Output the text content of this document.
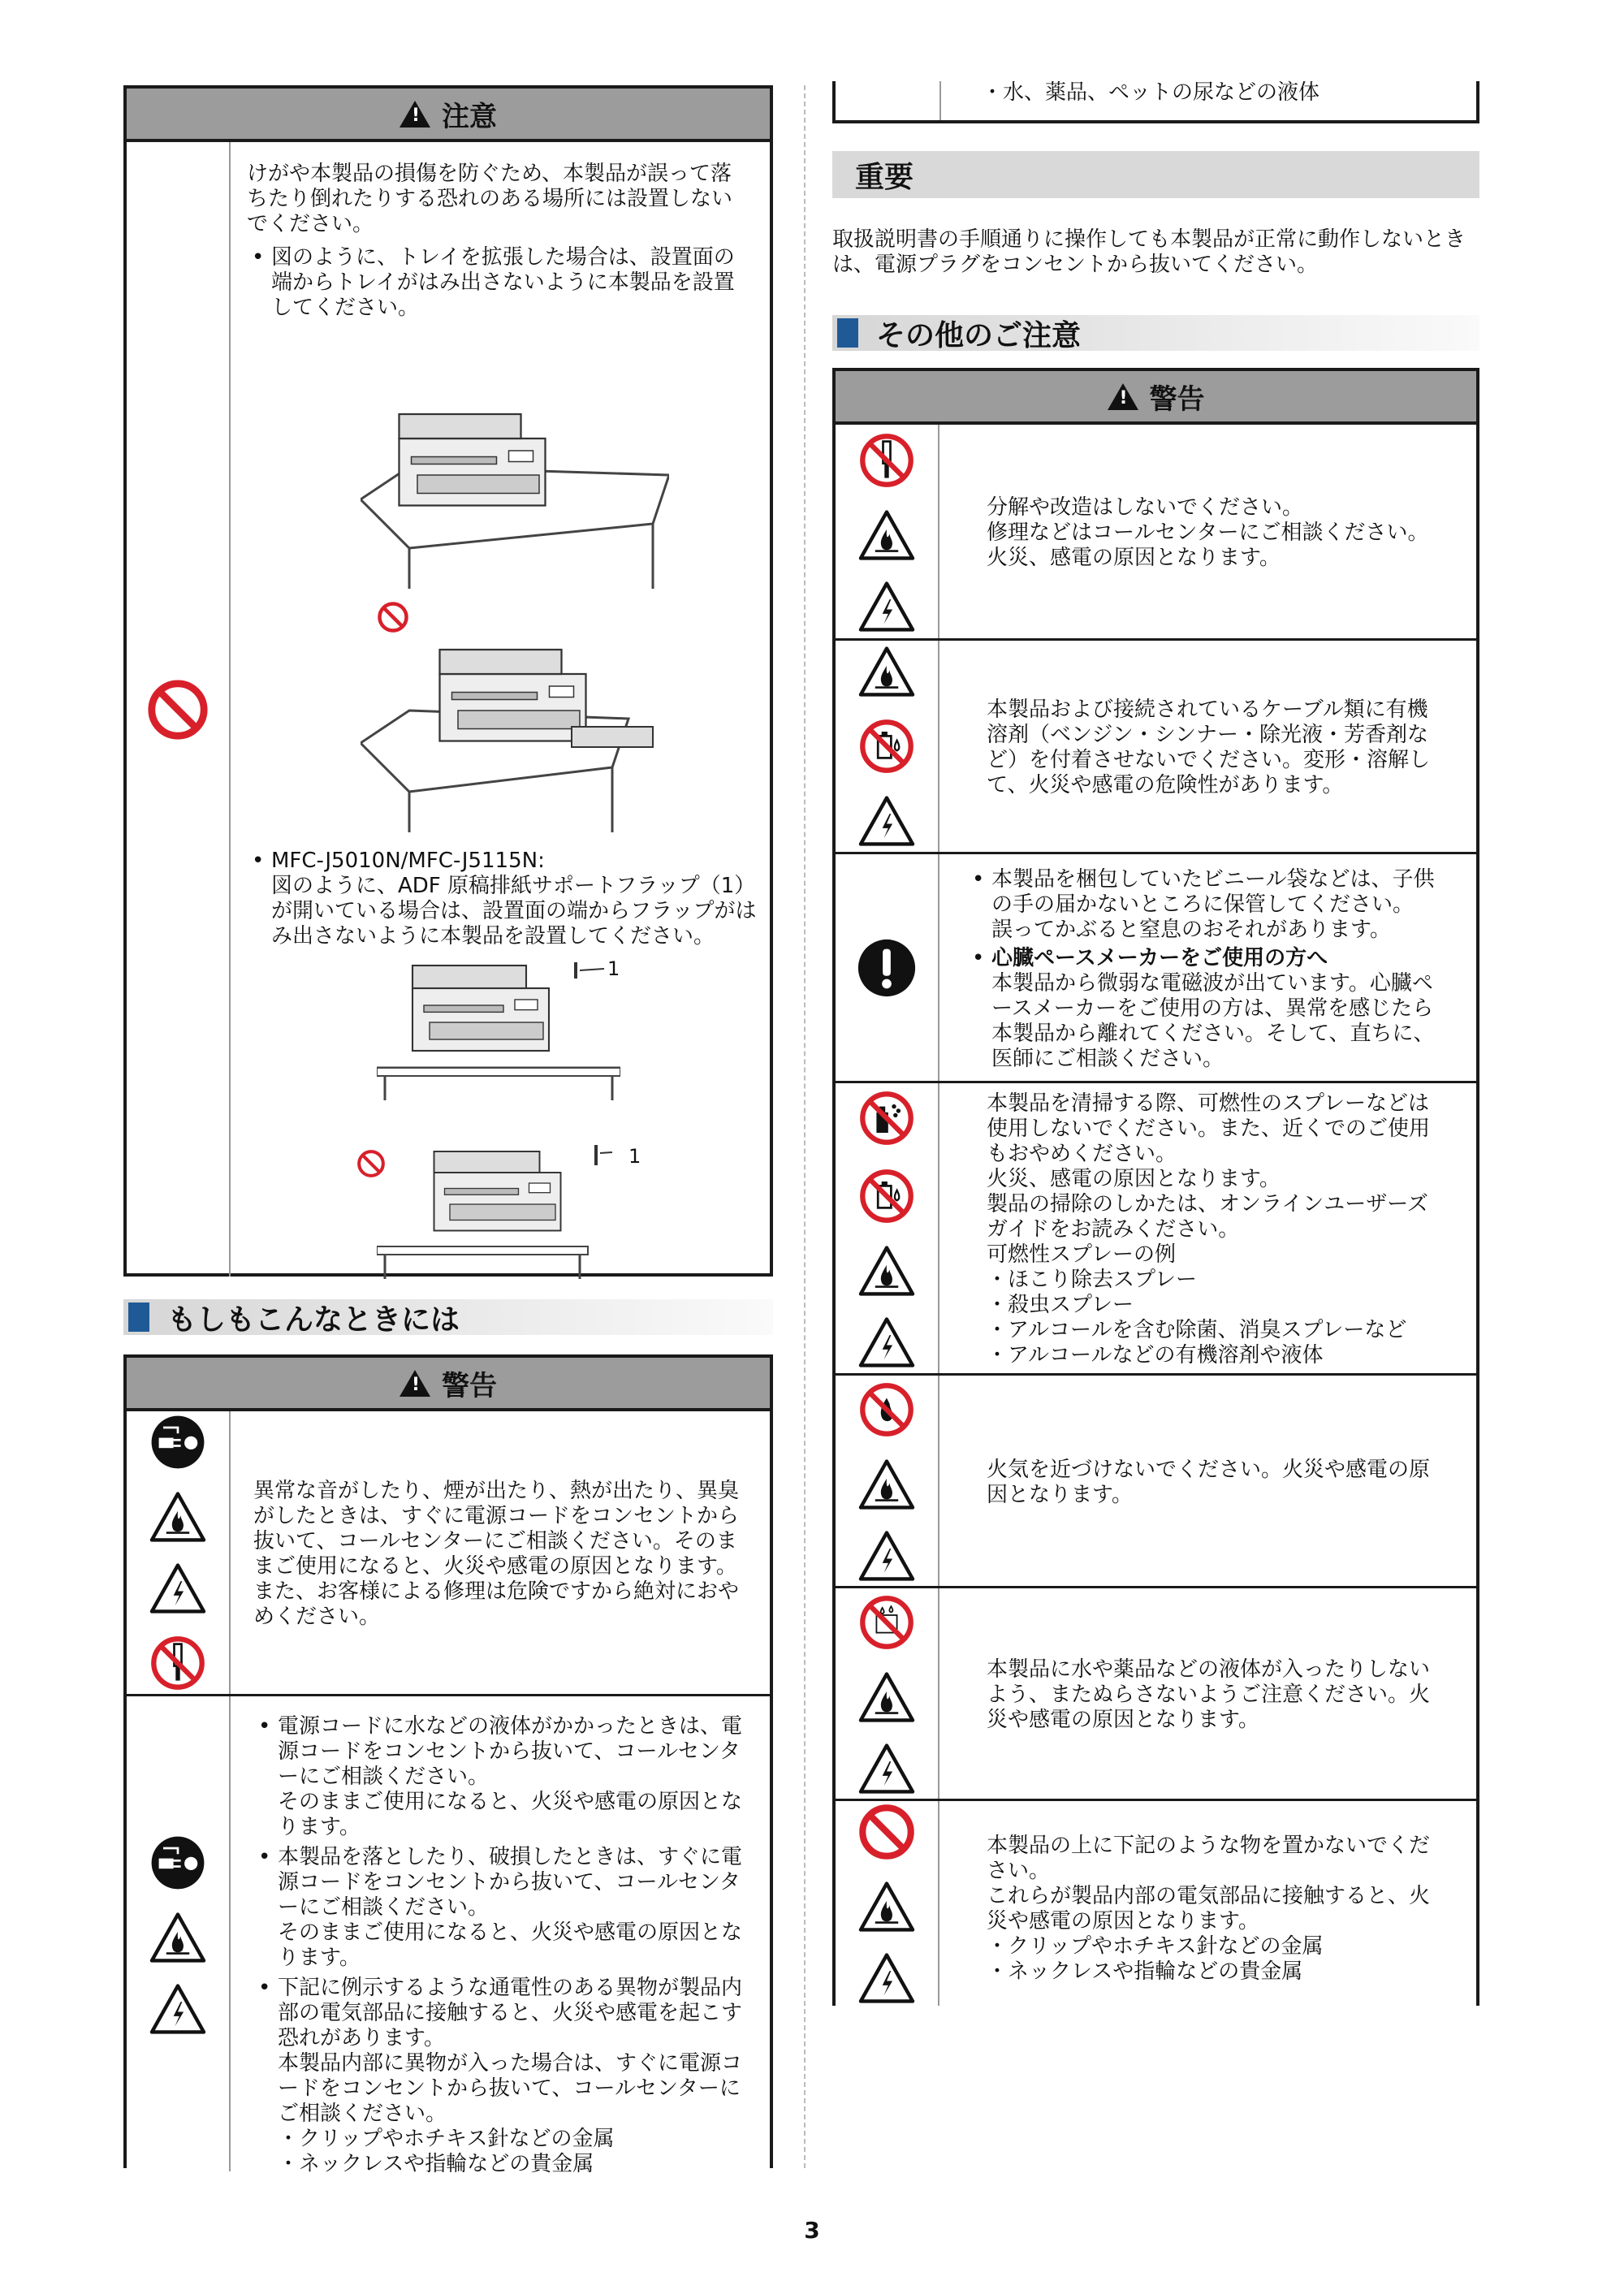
!
注意

けがや本製品の損傷を防ぐため、本製品が誤って落ちたり倒れたりする恐れのある場所には設置しないでください。

• 図のように、トレイを拡張した場合は、設置面の端からトレイがはみ出さないように本製品を設置してください。

• MFC-J5010N/MFC-J5115N:

図のように、ADF 原稿排紙サポートフラップ（1）が開いている場合は、設置面の端からフラップがはみ出さないように本製品を設置してください。

1
1
もしもこんなときには
!
警告
異常な音がしたり、煙が出たり、熱が出たり、異臭がしたときは、すぐに電源コードをコンセントから抜いて、コールセンターにご相談ください。そのままご使用になると、火災や感電の原因となります。
また、お客様による修理は危険ですから絶対におやめください。

• 電源コードに水などの液体がかかったときは、電源コードをコンセントから抜いて、コールセンターにご相談ください。
そのままご使用になると、火災や感電の原因となります。

• 本製品を落としたり、破損したときは、すぐに電源コードをコンセントから抜いて、コールセンターにご相談ください。
そのままご使用になると、火災や感電の原因となります。

• 下記に例示するような通電性のある異物が製品内部の電気部品に接触すると、火災や感電を起こす恐れがあります。
本製品内部に異物が入った場合は、すぐに電源コードをコンセントから抜いて、コールセンターにご相談ください。

・クリップやホチキス針などの金属

・ネックレスや指輪などの貴金属

・水、薬品、ペットの尿などの液体
重要

取扱説明書の手順通りに操作しても本製品が正常に動作しないときは、電源プラグをコンセントから抜いてください。

その他のご注意
!
警告
分解や改造はしないでください。
修理などはコールセンターにご相談ください。
火災、感電の原因となります。
本製品および接続されているケーブル類に有機溶剤（ベンジン・シンナー・除光液・芳香剤など）を付着させないでください。変形・溶解して、火災や感電の危険性があります。

• 本製品を梱包していたビニール袋などは、子供の手の届かないところに保管してください。
誤ってかぶると窒息のおそれがあります。

• 心臓ペースメーカーをご使用の方へ

本製品から微弱な電磁波が出ています。心臓ペースメーカーをご使用の方は、異常を感じたら本製品から離れてください。そして、直ちに、医師にご相談ください。

本製品を清掃する際、可燃性のスプレーなどは使用しないでください。また、近くでのご使用もおやめください。
火災、感電の原因となります。
製品の掃除のしかたは、オンラインユーザーズガイドをお読みください。
可燃性スプレーの例

・ほこり除去スプレー

・殺虫スプレー

・アルコールを含む除菌、消臭スプレーなど

・アルコールなどの有機溶剤や液体

火気を近づけないでください。火災や感電の原因となります。
本製品に水や薬品などの液体が入ったりしないよう、またぬらさないようご注意ください。火災や感電の原因となります。

本製品の上に下記のような物を置かないでください。
これらが製品内部の電気部品に接触すると、火災や感電の原因となります。

・クリップやホチキス針などの金属

・ネックレスや指輪などの貴金属

3
